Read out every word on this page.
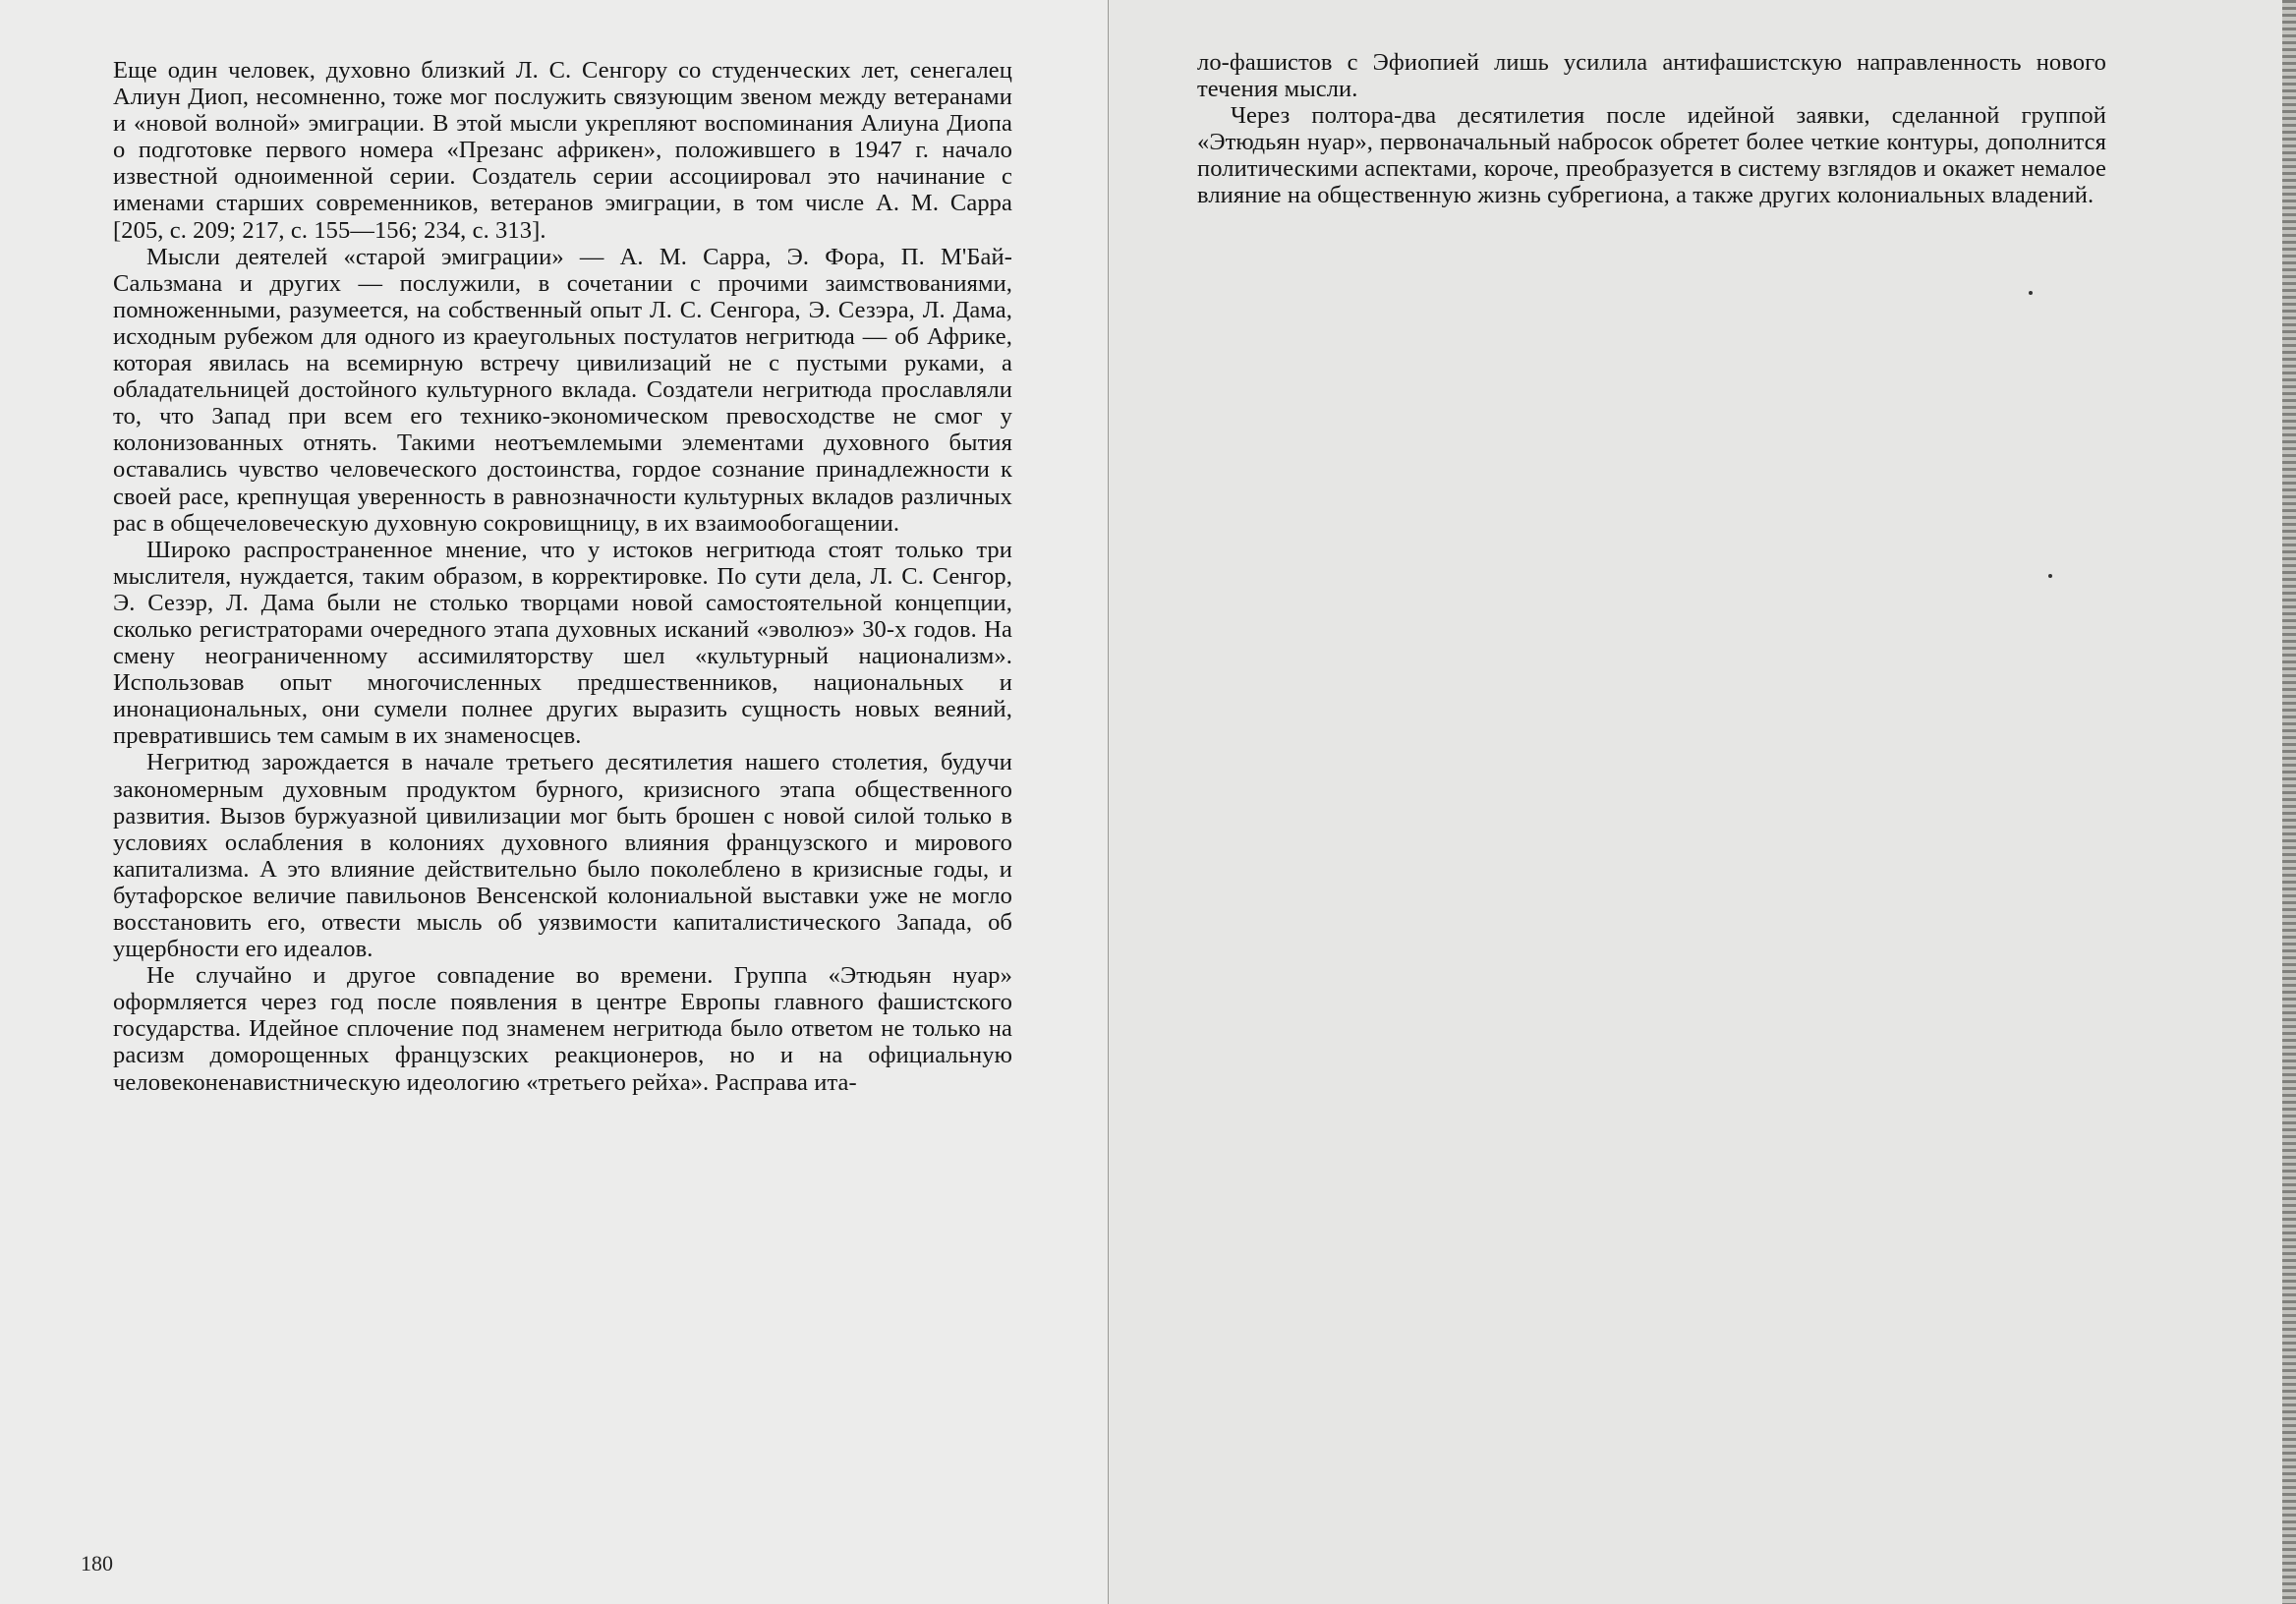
Еще один человек, духовно близкий Л. С. Сенгору со студенческих лет, сенегалец Алиун Диоп, несомненно, тоже мог послужить связующим звеном между ветеранами и «новой волной» эмиграции. В этой мысли укрепляют воспоминания Алиуна Диопа о подготовке первого номера «Презанс африкен», положившего в 1947 г. начало известной одноименной серии. Создатель серии ассоциировал это начинание с именами старших современников, ветеранов эмиграции, в том числе А. М. Сарра [205, с. 209; 217, с. 155—156; 234, с. 313].

Мысли деятелей «старой эмиграции» — А. М. Сарра, Э. Фора, П. М'Бай-Сальзмана и других — послужили, в сочетании с прочими заимствованиями, помноженными, разумеется, на собственный опыт Л. С. Сенгора, Э. Сезэра, Л. Дама, исходным рубежом для одного из краеугольных постулатов негритюда — об Африке, которая явилась на всемирную встречу цивилизаций не с пустыми руками, а обладательницей достойного культурного вклада. Создатели негритюда прославляли то, что Запад при всем его технико-экономическом превосходстве не смог у колонизованных отнять. Такими неотъемлемыми элементами духовного бытия оставались чувство человеческого достоинства, гордое сознание принадлежности к своей расе, крепнущая уверенность в равнозначности культурных вкладов различных рас в общечеловеческую духовную сокровищницу, в их взаимообогащении.

Широко распространенное мнение, что у истоков негритюда стоят только три мыслителя, нуждается, таким образом, в корректировке. По сути дела, Л. С. Сенгор, Э. Сезэр, Л. Дама были не столько творцами новой самостоятельной концепции, сколько регистраторами очередного этапа духовных исканий «эволюэ» 30-х годов. На смену неограниченному ассимиляторству шел «культурный национализм». Использовав опыт многочисленных предшественников, национальных и инонациональных, они сумели полнее других выразить сущность новых веяний, превратившись тем самым в их знаменосцев.

Негритюд зарождается в начале третьего десятилетия нашего столетия, будучи закономерным духовным продуктом бурного, кризисного этапа общественного развития. Вызов буржуазной цивилизации мог быть брошен с новой силой только в условиях ослабления в колониях духовного влияния французского и мирового капитализма. А это влияние действительно было поколеблено в кризисные годы, и бутафорское величие павильонов Венсенской колониальной выставки уже не могло восстановить его, отвести мысль об уязвимости капиталистического Запада, об ущербности его идеалов.

Не случайно и другое совпадение во времени. Группа «Этюдьян нуар» оформляется через год после появления в центре Европы главного фашистского государства. Идейное сплочение под знаменем негритюда было ответом не только на расизм доморощенных французских реакционеров, но и на официальную человеконенавистническую идеологию «третьего рейха». Расправа ита-

180

ло-фашистов с Эфиопией лишь усилила антифашистскую направленность нового течения мысли.

Через полтора-два десятилетия после идейной заявки, сделанной группой «Этюдьян нуар», первоначальный набросок обретет более четкие контуры, дополнится политическими аспектами, короче, преобразуется в систему взглядов и окажет немалое влияние на общественную жизнь субрегиона, а также других колониальных владений.
